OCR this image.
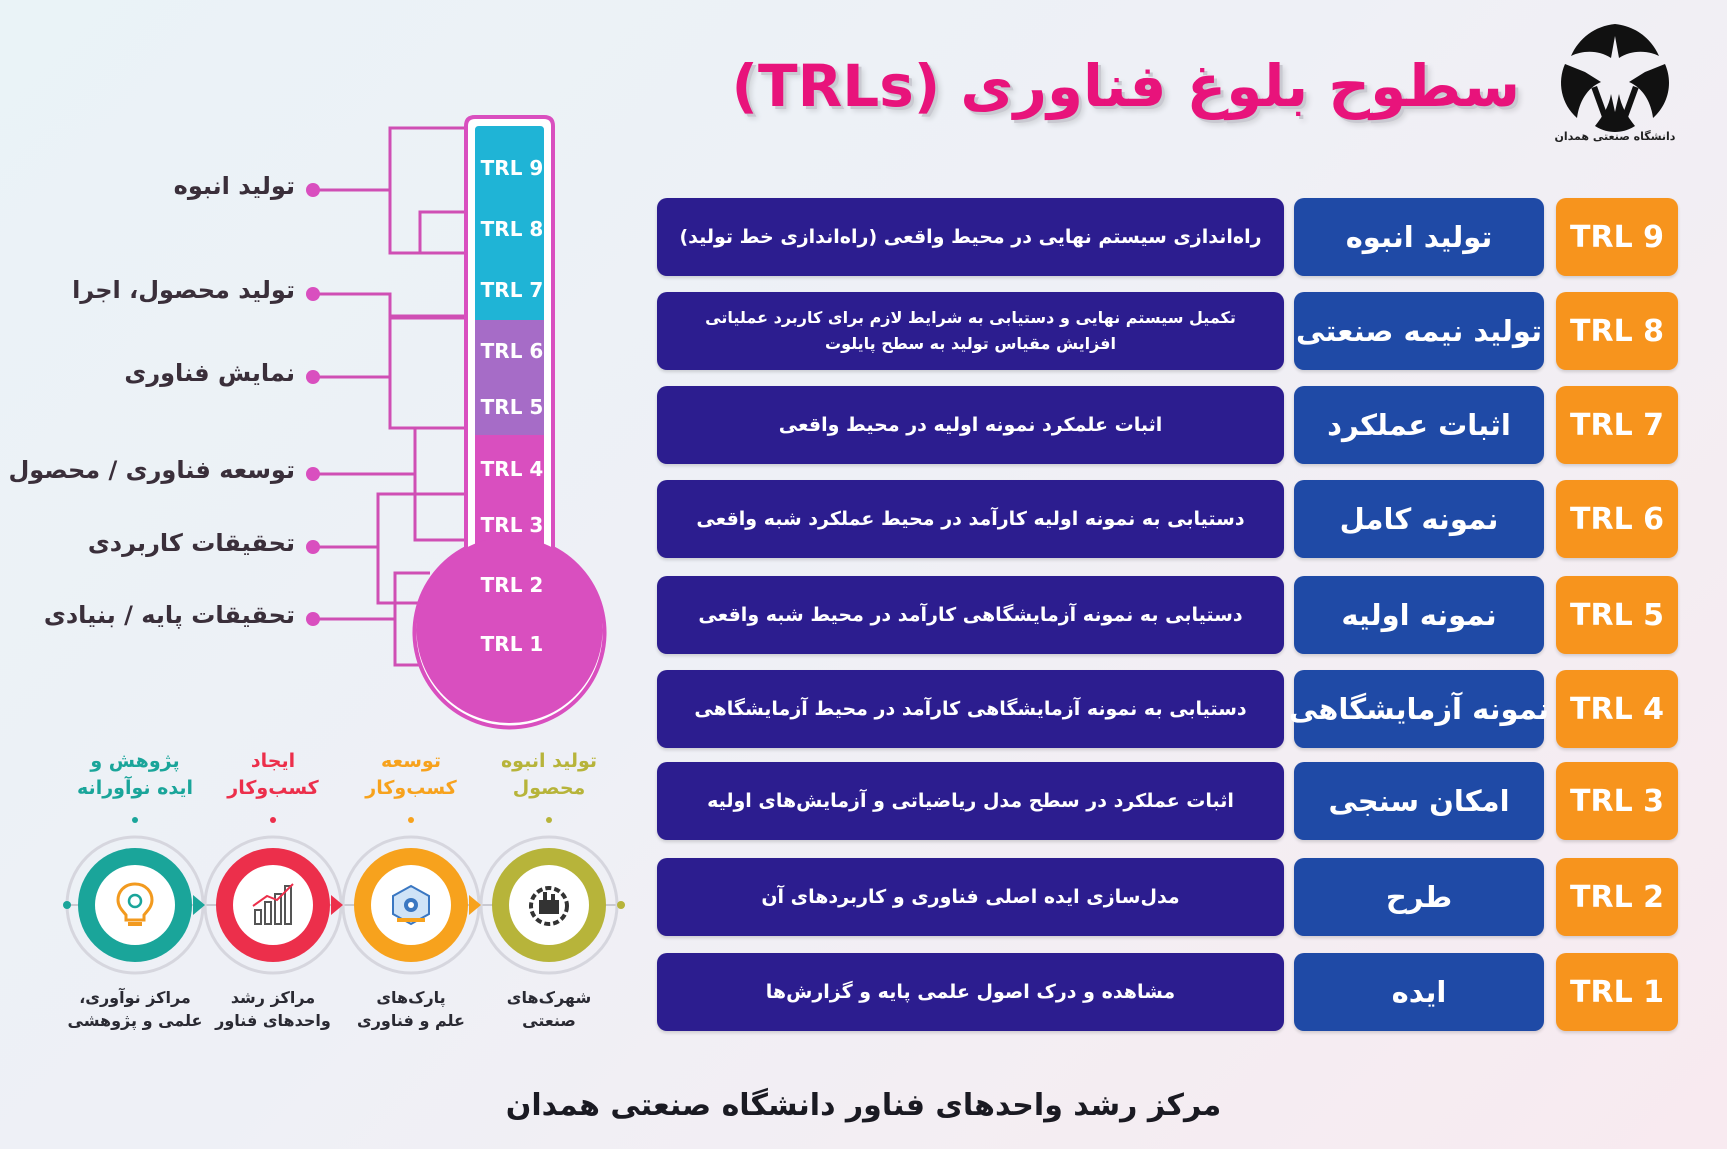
دانشگاه صنعتی همدان
سطوح بلوغ فناوری (TRLs)
TRL 9
TRL 8
TRL 7
TRL 6
TRL 5
TRL 4
TRL 3
TRL 2
TRL 1
تولید انبوه
تولید محصول، اجرا
نمایش فناوری
توسعه فناوری / محصول
تحقیقات کاربردی
تحقیقات پایه / بنیادی
راه‌اندازی سیستم نهایی در محیط واقعی (راه‌اندازی خط تولید)	تولید انبوه	TRL 9
تکمیل سیستم نهایی و دستیابی به شرایط لازم برای کاربرد عملیاتی
افزایش مقیاس تولید به سطح پایلوت	تولید نیمه صنعتی TRL 8
اثبات علمکرد نمونه اولیه در محیط واقعی	اثبات عملکرد	TRL 7
دستیابی به نمونه اولیه کارآمد در محیط عملکرد شبه واقعی	نمونه کامل	TRL 6
دستیابی به نمونه آزمایشگاهی کارآمد در محیط شبه واقعی	نمونه اولیه	TRL 5
دستیابی به نمونه آزمایشگاهی کارآمد در محیط آزمایشگاهی	نمونه آزمایشگاهی TRL 4
اثبات عملکرد در سطح مدل ریاضیاتی و آزمایش‌های اولیه	امکان سنجی	TRL 3
مدل‌سازی ایده اصلی فناوری و کاربردهای آن	طرح	TRL 2
مشاهده و درک اصول علمی پایه و گزارش‌ها	ایده	TRL 1
پژوهش و
ایده نوآورانه
ایجاد
کسب‌وکار
توسعه
کسب‌وکار
تولید انبوه
محصول
مراکز نوآوری،
علمی و پژوهشی
مراکز رشد
واحدهای فناور
پارک‌های
علم و فناوری
شهرک‌های
صنعتی
مرکز رشد واحدهای فناور دانشگاه صنعتی همدان
